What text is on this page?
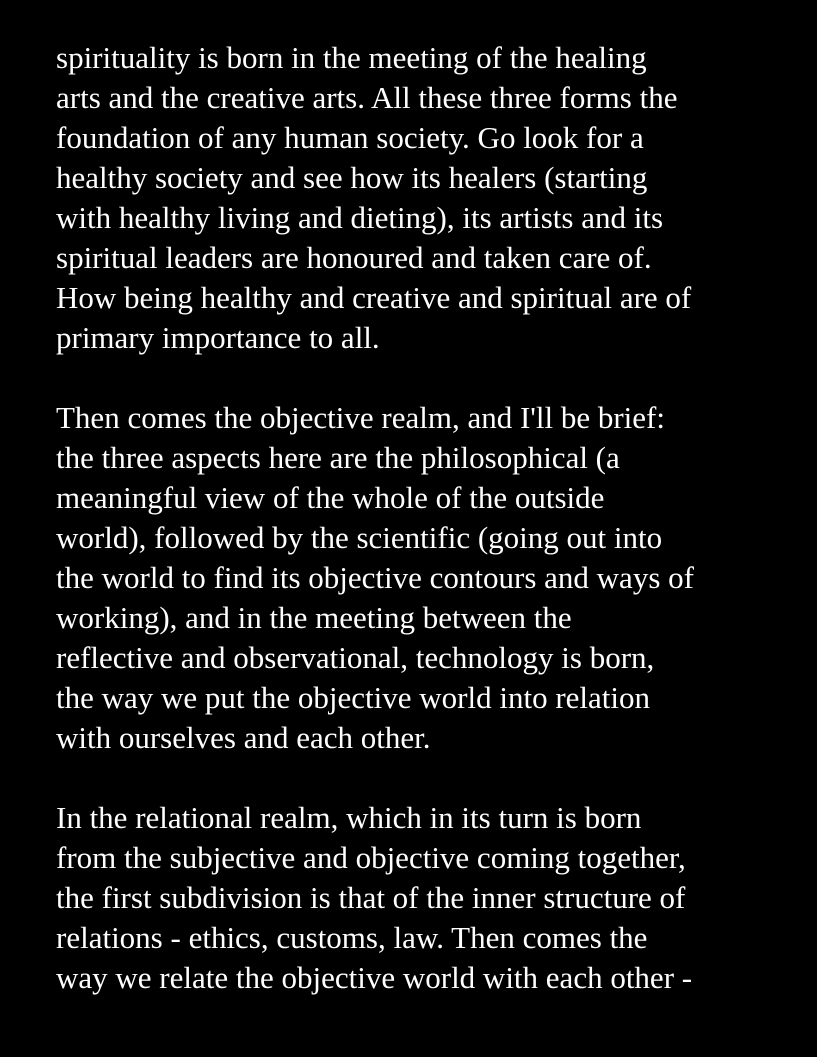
spirituality is born in the meeting of the healing
arts and the creative arts. All these three forms the
foundation of any human society. Go look for a
healthy society and see how its healers (starting
with healthy living and dieting), its artists and its
spiritual leaders are honoured and taken care of.
How being healthy and creative and spiritual are of
primary importance to all.
Then comes the objective realm, and I'll be brief:
the three aspects here are the philosophical (a
meaningful view of the whole of the outside
world), followed by the scientific (going out into
the world to find its objective contours and ways of
working), and in the meeting between the
reflective and observational, technology is born,
the way we put the objective world into relation
with ourselves and each other.
In the relational realm, which in its turn is born
from the subjective and objective coming together,
the first subdivision is that of the inner structure of
relations - ethics, customs, law. Then comes the
way we relate the objective world with each other -
